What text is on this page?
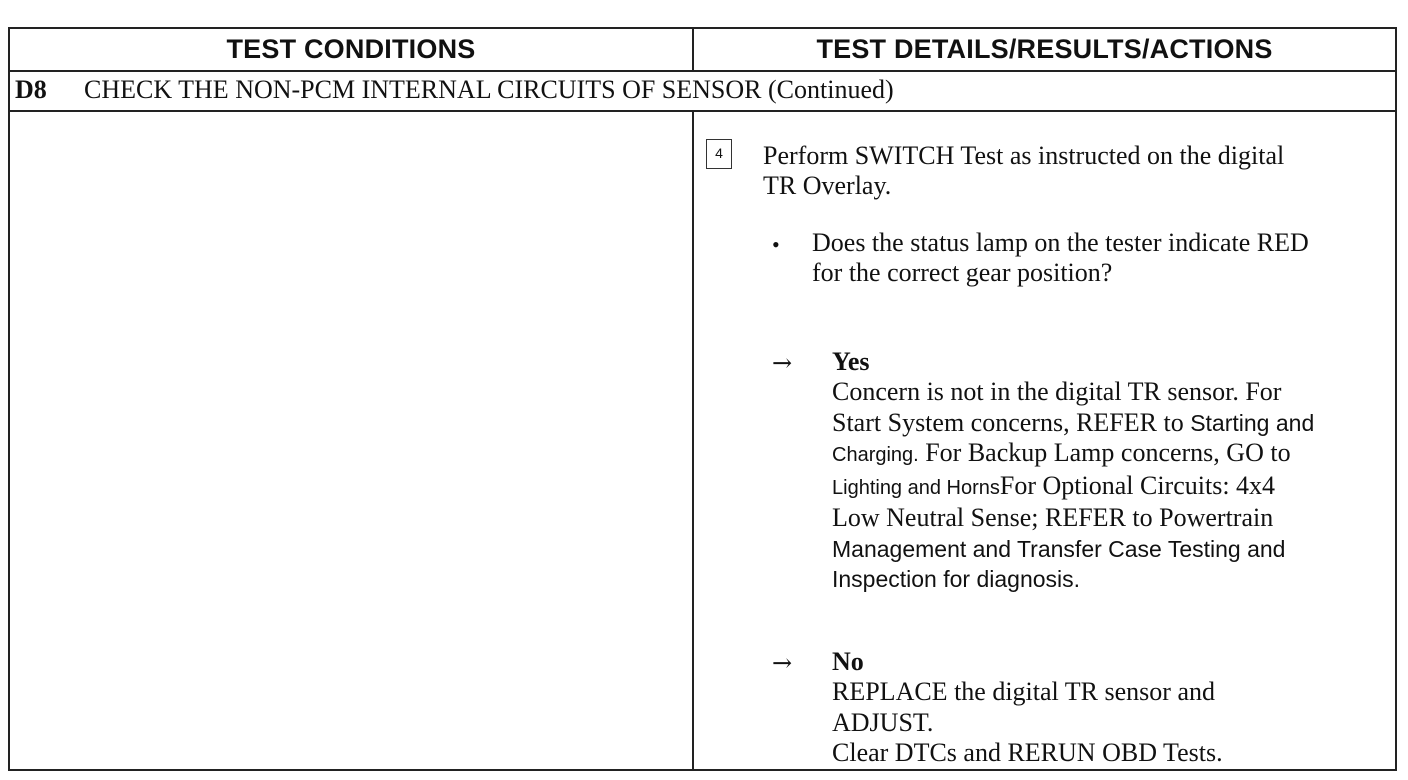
TEST CONDITIONS	TEST DETAILS/RESULTS/ACTIONS
D8 CHECK THE NON-PCM INTERNAL CIRCUITS OF SENSOR (Continued)
4	Perform SWITCH Test as instructed on the digital
TR Overlay.
• Does the status lamp on the tester indicate RED
for the correct gear position?
→ Yes
Concern is not in the digital TR sensor. For
Start System concerns, REFER to Starting and
Charging. For Backup Lamp concerns, GO to
Lighting and HornsFor Optional Circuits: 4x4
Low Neutral Sense; REFER to Powertrain
Management and Transfer Case Testing and
Inspection for diagnosis.
→ No
REPLACE the digital TR sensor and
ADJUST.
Clear DTCs and RERUN OBD Tests.
